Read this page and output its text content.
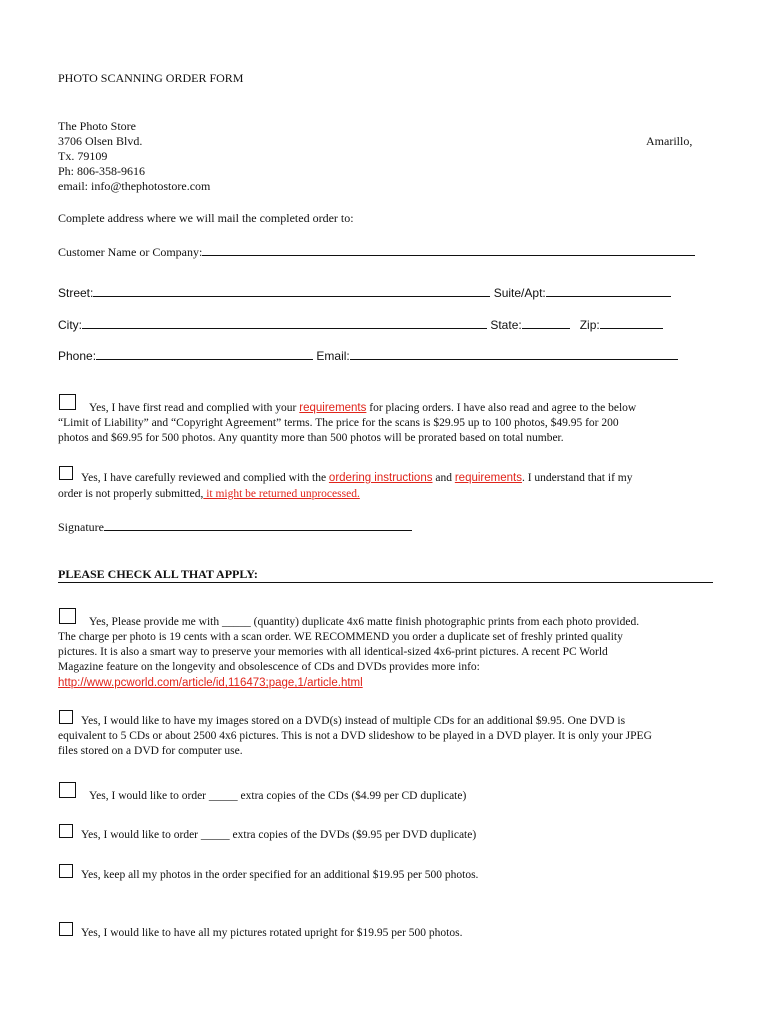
PHOTO SCANNING ORDER FORM
The Photo Store
3706 Olsen Blvd.	Amarillo,
Tx. 79109
Ph: 806-358-9616
email: info@thephotostore.com
Complete address where we will mail the completed order to:
Customer Name or Company:
Street:	Suite/Apt:
City:	State:	Zip:
Phone:	Email:
Yes, I have first read and complied with your requirements for placing orders. I have also read and agree to the below
“Limit of Liability” and “Copyright Agreement” terms. The price for the scans is $29.95 up to 100 photos, $49.95 for 200
photos and $69.95 for 500 photos. Any quantity more than 500 photos will be prorated based on total number.
Yes, I have carefully reviewed and complied with the ordering instructions and requirements. I understand that if my
order is not properly submitted, it might be returned unprocessed.
Signature
PLEASE CHECK ALL THAT APPLY:
Yes, Please provide me with _____ (quantity) duplicate 4x6 matte finish photographic prints from each photo provided.
The charge per photo is 19 cents with a scan order. WE RECOMMEND you order a duplicate set of freshly printed quality
pictures. It is also a smart way to preserve your memories with all identical-sized 4x6-print pictures. A recent PC World
Magazine feature on the longevity and obsolescence of CDs and DVDs provides more info:
http://www.pcworld.com/article/id,116473;page,1/article.html
Yes, I would like to have my images stored on a DVD(s) instead of multiple CDs for an additional $9.95. One DVD is
equivalent to 5 CDs or about 2500 4x6 pictures. This is not a DVD slideshow to be played in a DVD player. It is only your JPEG
files stored on a DVD for computer use.
Yes, I would like to order _____ extra copies of the CDs ($4.99 per CD duplicate)
Yes, I would like to order _____ extra copies of the DVDs ($9.95 per DVD duplicate)
Yes, keep all my photos in the order specified for an additional $19.95 per 500 photos.
Yes, I would like to have all my pictures rotated upright for $19.95 per 500 photos.
